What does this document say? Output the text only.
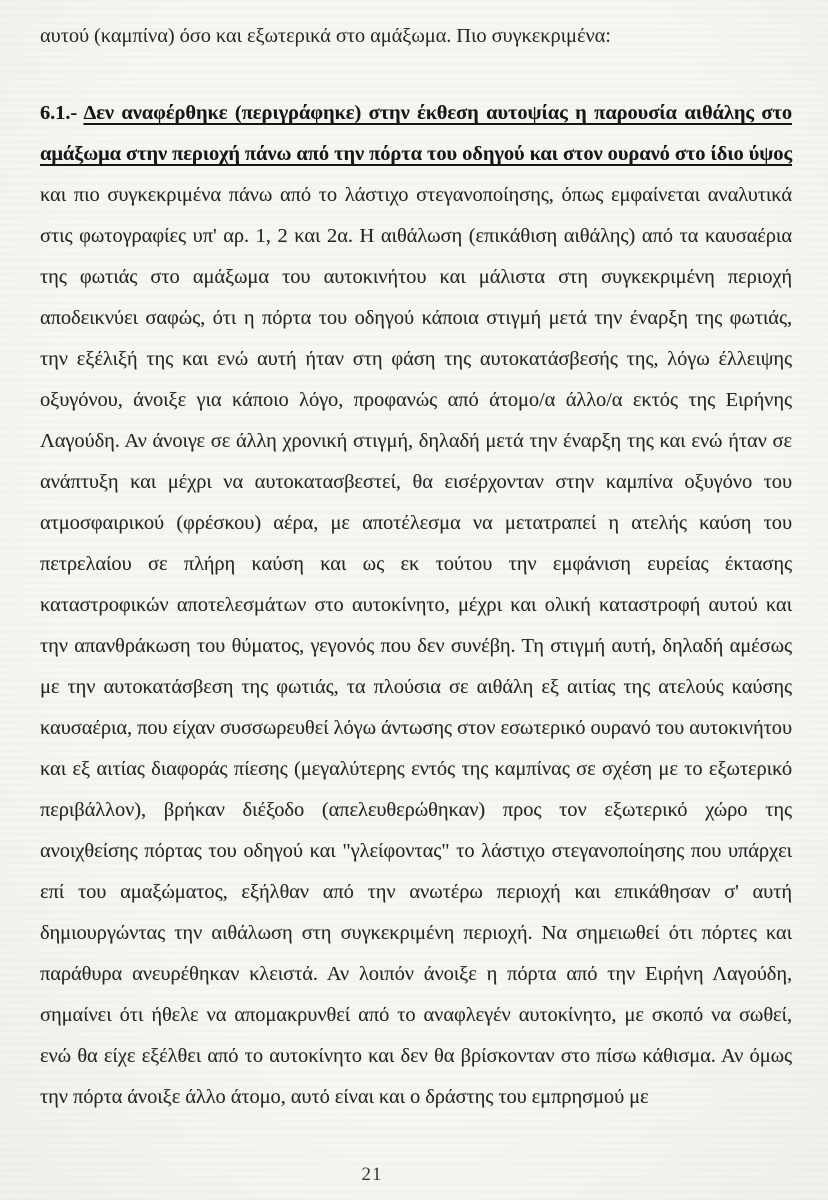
αυτού (καμπίνα) όσο και εξωτερικά στο αμάξωμα. Πιο συγκεκριμένα:

6.1.- Δεν αναφέρθηκε (περιγράφηκε) στην έκθεση αυτοψίας η παρουσία αιθάλης στο αμάξωμα στην περιοχή πάνω από την πόρτα του οδηγού και στον ουρανό στο ίδιο ύψος και πιο συγκεκριμένα πάνω από το λάστιχο στεγανοποίησης, όπως εμφαίνεται αναλυτικά στις φωτογραφίες υπ' αρ. 1, 2 και 2α. Η αιθάλωση (επικάθιση αιθάλης) από τα καυσαέρια της φωτιάς στο αμάξωμα του αυτοκινήτου και μάλιστα στη συγκεκριμένη περιοχή αποδεικνύει σαφώς, ότι η πόρτα του οδηγού κάποια στιγμή μετά την έναρξη της φωτιάς, την εξέλιξή της και ενώ αυτή ήταν στη φάση της αυτοκατάσβεσής της, λόγω έλλειψης οξυγόνου, άνοιξε για κάποιο λόγο, προφανώς από άτομο/α άλλο/α εκτός της Ειρήνης Λαγούδη. Αν άνοιγε σε άλλη χρονική στιγμή, δηλαδή μετά την έναρξη της και ενώ ήταν σε ανάπτυξη και μέχρι να αυτοκατασβεστεί, θα εισέρχονταν στην καμπίνα οξυγόνο του ατμοσφαιρικού (φρέσκου) αέρα, με αποτέλεσμα να μετατραπεί η ατελής καύση του πετρελαίου σε πλήρη καύση και ως εκ τούτου την εμφάνιση ευρείας έκτασης καταστροφικών αποτελεσμάτων στο αυτοκίνητο, μέχρι και ολική καταστροφή αυτού και την απανθράκωση του θύματος, γεγονός που δεν συνέβη. Τη στιγμή αυτή, δηλαδή αμέσως με την αυτοκατάσβεση της φωτιάς, τα πλούσια σε αιθάλη εξ αιτίας της ατελούς καύσης καυσαέρια, που είχαν συσσωρευθεί λόγω άντωσης στον εσωτερικό ουρανό του αυτοκινήτου και εξ αιτίας διαφοράς πίεσης (μεγαλύτερης εντός της καμπίνας σε σχέση με το εξωτερικό περιβάλλον), βρήκαν διέξοδο (απελευθερώθηκαν) προς τον εξωτερικό χώρο της ανοιχθείσης πόρτας του οδηγού και "γλείφοντας" το λάστιχο στεγανοποίησης που υπάρχει επί του αμαξώματος, εξήλθαν από την ανωτέρω περιοχή και επικάθησαν σ' αυτή δημιουργώντας την αιθάλωση στη συγκεκριμένη περιοχή. Να σημειωθεί ότι πόρτες και παράθυρα ανευρέθηκαν κλειστά. Αν λοιπόν άνοιξε η πόρτα από την Ειρήνη Λαγούδη, σημαίνει ότι ήθελε να απομακρυνθεί από το αναφλεγέν αυτοκίνητο, με σκοπό να σωθεί, ενώ θα είχε εξέλθει από το αυτοκίνητο και δεν θα βρίσκονταν στο πίσω κάθισμα. Αν όμως την πόρτα άνοιξε άλλο άτομο, αυτό είναι και ο δράστης του εμπρησμού με

21
